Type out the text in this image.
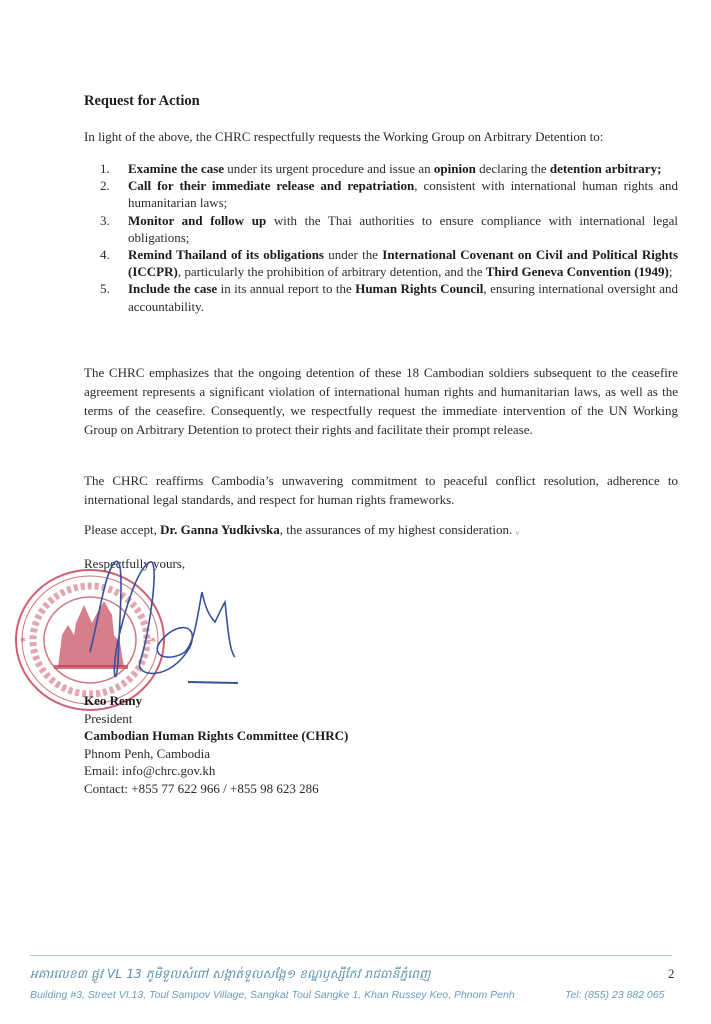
Request for Action
In light of the above, the CHRC respectfully requests the Working Group on Arbitrary Detention to:
1. Examine the case under its urgent procedure and issue an opinion declaring the detention arbitrary;
2. Call for their immediate release and repatriation, consistent with international human rights and humanitarian laws;
3. Monitor and follow up with the Thai authorities to ensure compliance with international legal obligations;
4. Remind Thailand of its obligations under the International Covenant on Civil and Political Rights (ICCPR), particularly the prohibition of arbitrary detention, and the Third Geneva Convention (1949);
5. Include the case in its annual report to the Human Rights Council, ensuring international oversight and accountability.
The CHRC emphasizes that the ongoing detention of these 18 Cambodian soldiers subsequent to the ceasefire agreement represents a significant violation of international human rights and humanitarian laws, as well as the terms of the ceasefire. Consequently, we respectfully request the immediate intervention of the UN Working Group on Arbitrary Detention to protect their rights and facilitate their prompt release.
The CHRC reaffirms Cambodia’s unwavering commitment to peaceful conflict resolution, adherence to international legal standards, and respect for human rights frameworks.
Please accept, Dr. Ganna Yudkivska, the assurances of my highest consideration. ᵥ
*	*
Respectfully yours,
Keo Remy
President
Cambodian Human Rights Committee (CHRC)
Phnom Penh, Cambodia
Email: info@chrc.gov.kh
Contact: +855 77 622 966 / +855 98 623 286
អគារលេខ៣ ផ្លូវ VL 13 ភូមិទួលសំពៅ សង្កាត់ទួលសង្កែ១ ខណ្ឌឫស្សីកែវ រាជធានីភ្នំពេញ	2
Building #3, Street VI.13, Toul Sampov Village, Sangkat Toul Sangke 1, Khan Russey Keo, Phnom Penh	Tel: (855) 23 882 065
